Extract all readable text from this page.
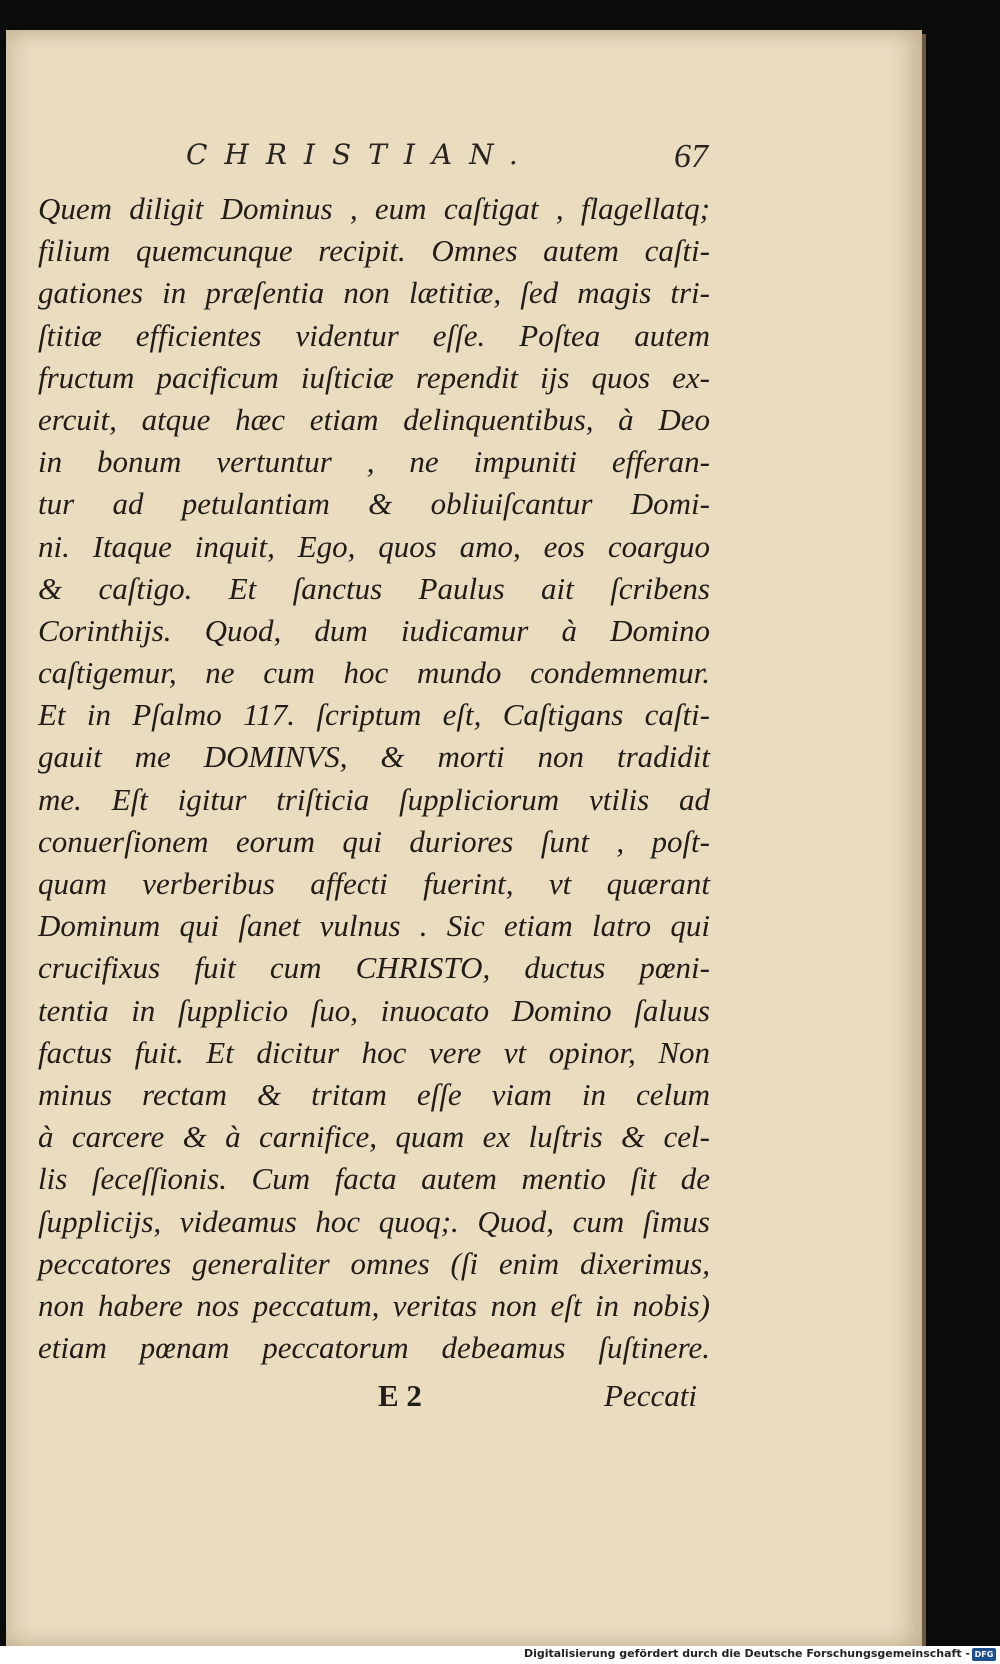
CHRISTIAN.	67
Quem diligit Dominus , eum caſtigat , flagellatq;
filium quemcunque recipit. Omnes autem caſti-
gationes in præſentia non lætitiæ, ſed magis tri-
ſtitiæ efficientes videntur eſſe. Poſtea autem
fructum pacificum iuſticiæ rependit ijs quos ex-
ercuit, atque hæc etiam delinquentibus, à Deo
in bonum vertuntur , ne impuniti efferan-
tur ad petulantiam & obliuiſcantur Domi-
ni. Itaque inquit, Ego, quos amo, eos coarguo
& caſtigo. Et ſanctus Paulus ait ſcribens
Corinthijs. Quod, dum iudicamur à Domino
caſtigemur, ne cum hoc mundo condemnemur.
Et in Pſalmo 117. ſcriptum eſt, Caſtigans caſti-
gauit me DOMINVS, & morti non tradidit
me. Eſt igitur triſticia ſuppliciorum vtilis ad
conuerſionem eorum qui duriores ſunt , poſt-
quam verberibus affecti fuerint, vt quærant
Dominum qui ſanet vulnus . Sic etiam latro qui
crucifixus fuit cum CHRISTO, ductus pœni-
tentia in ſupplicio ſuo, inuocato Domino ſaluus
factus fuit. Et dicitur hoc vere vt opinor, Non
minus rectam & tritam eſſe viam in celum
à carcere & à carnifice, quam ex luſtris & cel-
lis ſeceſſionis. Cum facta autem mentio ſit de
ſupplicijs, videamus hoc quoq;. Quod, cum ſimus
peccatores generaliter omnes (ſi enim dixerimus,
non habere nos peccatum, veritas non eſt in nobis)
etiam pœnam peccatorum debeamus ſuſtinere.
E 2	Peccati
Digitalisierung gefördert durch die Deutsche Forschungsgemeinschaft - DFG
